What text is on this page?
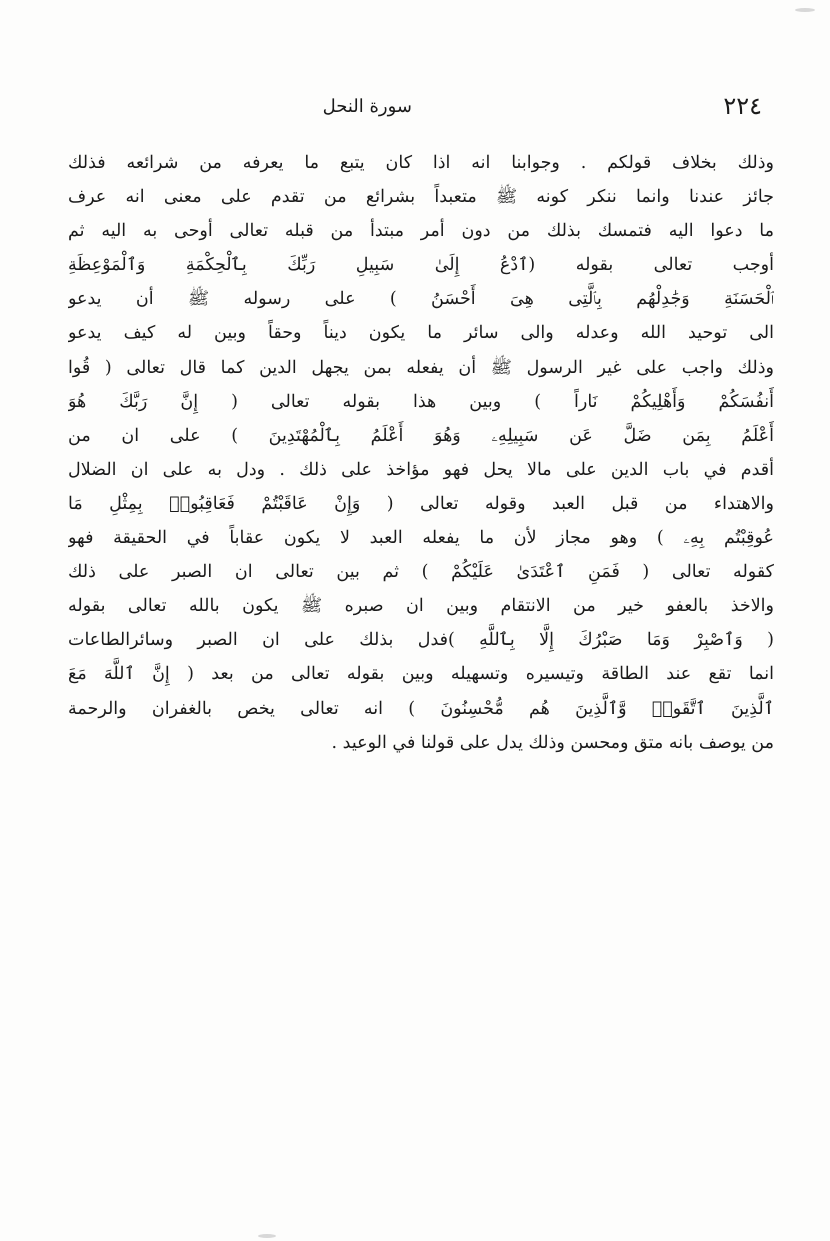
٢٢٤
سورة النحل
وذلك بخلاف قولكم . وجوابنا انه اذا كان يتبع ما يعرفه من شرائعه فذلك
جائز عندنا وانما ننكر كونه ﷺ متعبداً بشرائع من تقدم على معنى انه عرف
ما دعوا اليه فتمسك بذلك من دون أمر مبتدأ من قبله تعالى أوحى به اليه ثم
أوجب تعالى بقوله (ٱدْعُ إِلَىٰ سَبِيلِ رَبِّكَ بِٱلْحِكْمَةِ وَٱلْمَوْعِظَةِ
ٱلْحَسَنَةِ وَجَٰدِلْهُم بِٱلَّتِى هِىَ أَحْسَنُ ) على رسوله ﷺ أن يدعو
الى توحيد الله وعدله والى سائر ما يكون ديناً وحقاً وبين له كيف يدعو
وذلك واجب على غير الرسول ﷺ أن يفعله بمن يجهل الدين كما قال تعالى ( قُوا
أَنفُسَكُمْ وَأَهْلِيكُمْ نَاراً ) وبين هذا بقوله تعالى ( إِنَّ رَبَّكَ هُوَ
أَعْلَمُ بِمَن ضَلَّ عَن سَبِيلِهِۦ وَهُوَ أَعْلَمُ بِٱلْمُهْتَدِينَ ) على ان من
أقدم في باب الدين على مالا يحل فهو مؤاخذ على ذلك . ودل به على ان الضلال
والاهتداء من قبل العبد وقوله تعالى ( وَإِنْ عَاقَبْتُمْ فَعَاقِبُوا۟ بِمِثْلِ مَا
عُوقِبْتُم بِهِۦ ) وهو مجاز لأن ما يفعله العبد لا يكون عقاباً في الحقيقة فهو
كقوله تعالى ( فَمَنِ ٱعْتَدَىٰ عَلَيْكُمْ ) ثم بين تعالى ان الصبر على ذلك
والاخذ بالعفو خير من الانتقام وبين ان صبره ﷺ يكون بالله تعالى بقوله
( وَٱصْبِرْ وَمَا صَبْرُكَ إِلَّا بِٱللَّهِ )فدل بذلك على ان الصبر وسائرالطاعات
انما تقع عند الطاقة وتيسيره وتسهيله وبين بقوله تعالى من بعد ( إِنَّ ٱللَّهَ مَعَ
ٱلَّذِينَ ٱتَّقَوا۟ وَّٱلَّذِينَ هُم مُّحْسِنُونَ ) انه تعالى يخص بالغفران والرحمة
من يوصف بانه متق ومحسن وذلك يدل على قولنا في الوعيد .
